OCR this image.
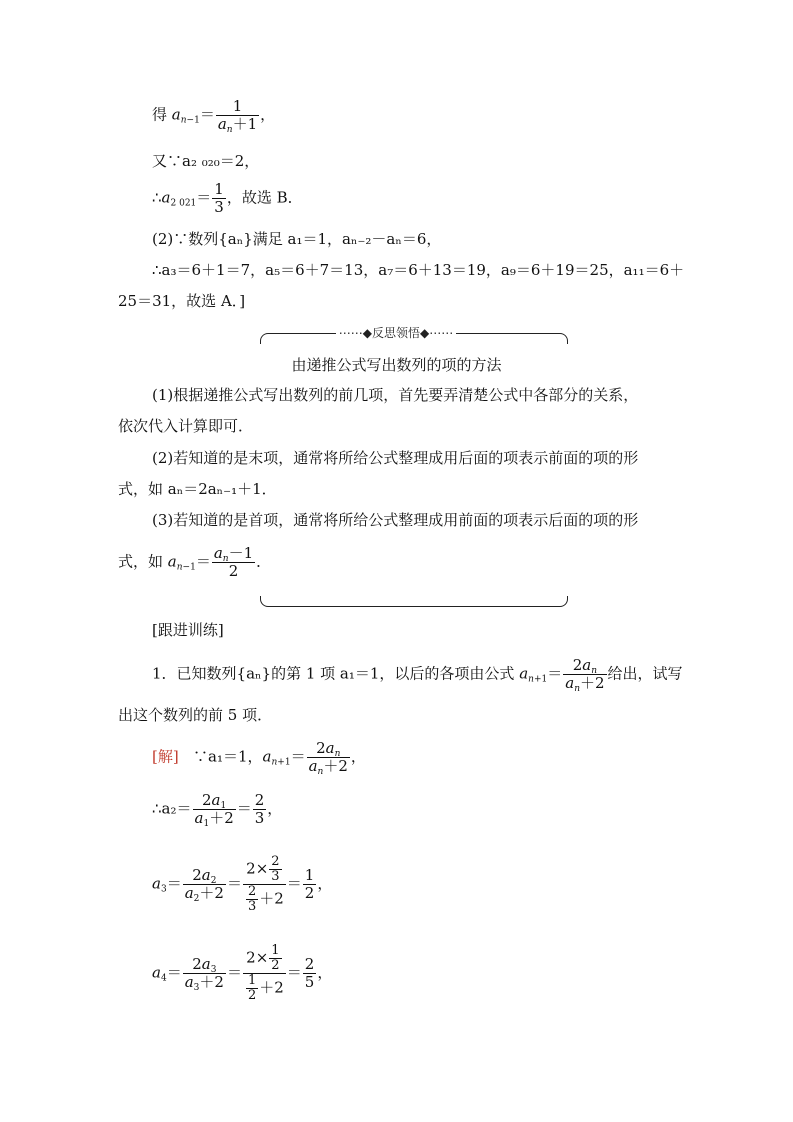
得 $a_{n-1}= \frac{1}{a_n+1}$ ，
又∵a₂ ₀₂₀＝2，
$\therefore a_{2 021}= \frac{1}{3}$ ，故选 B．
(2)∵数列{aₙ}满足 a₁＝1，aₙ₋₂－aₙ＝6，
∴a₃＝6＋1＝7，a₅＝6＋7＝13，a₇＝6＋13＝19，a₉＝6＋19＝25，a₁₁＝6＋
25＝31，故选 A．]
⋯⋯◆反思领悟◆⋯⋯
由递推公式写出数列的项的方法
(1)根据递推公式写出数列的前几项，首先要弄清楚公式中各部分的关系，
依次代入计算即可．
(2)若知道的是末项，通常将所给公式整理成用后面的项表示前面的项的形
式，如 aₙ＝2aₙ₋₁＋1．
(3)若知道的是首项，通常将所给公式整理成用前面的项表示后面的项的形
式，如 $a_{n-1}= \frac{a_n-1}{2}$ ．
[跟进训练]
1．已知数列{aₙ}的第 1 项 a₁＝1，以后的各项由公式 $a_{n+1}= \frac{2a_n}{a_n+2}$ 给出，试写
出这个数列的前 5 项．
[解] ∵a₁＝1，$a_{n+1}= \frac{2a_n}{a_n+2}$ ，
∴a₂＝ $\frac{2a_1}{a_1+2} = \frac{2}{3}$ ，
$a_3= \frac{2a_2}{a_2+2} = \frac{2\times \frac{2}{3}}{\frac{2}{3} +2} = \frac{1}{2}$ ，
$a_4= \frac{2a_3}{a_3+2} = \frac{2\times \frac{1}{2}}{\frac{1}{2} +2} = \frac{2}{5}$ ，
